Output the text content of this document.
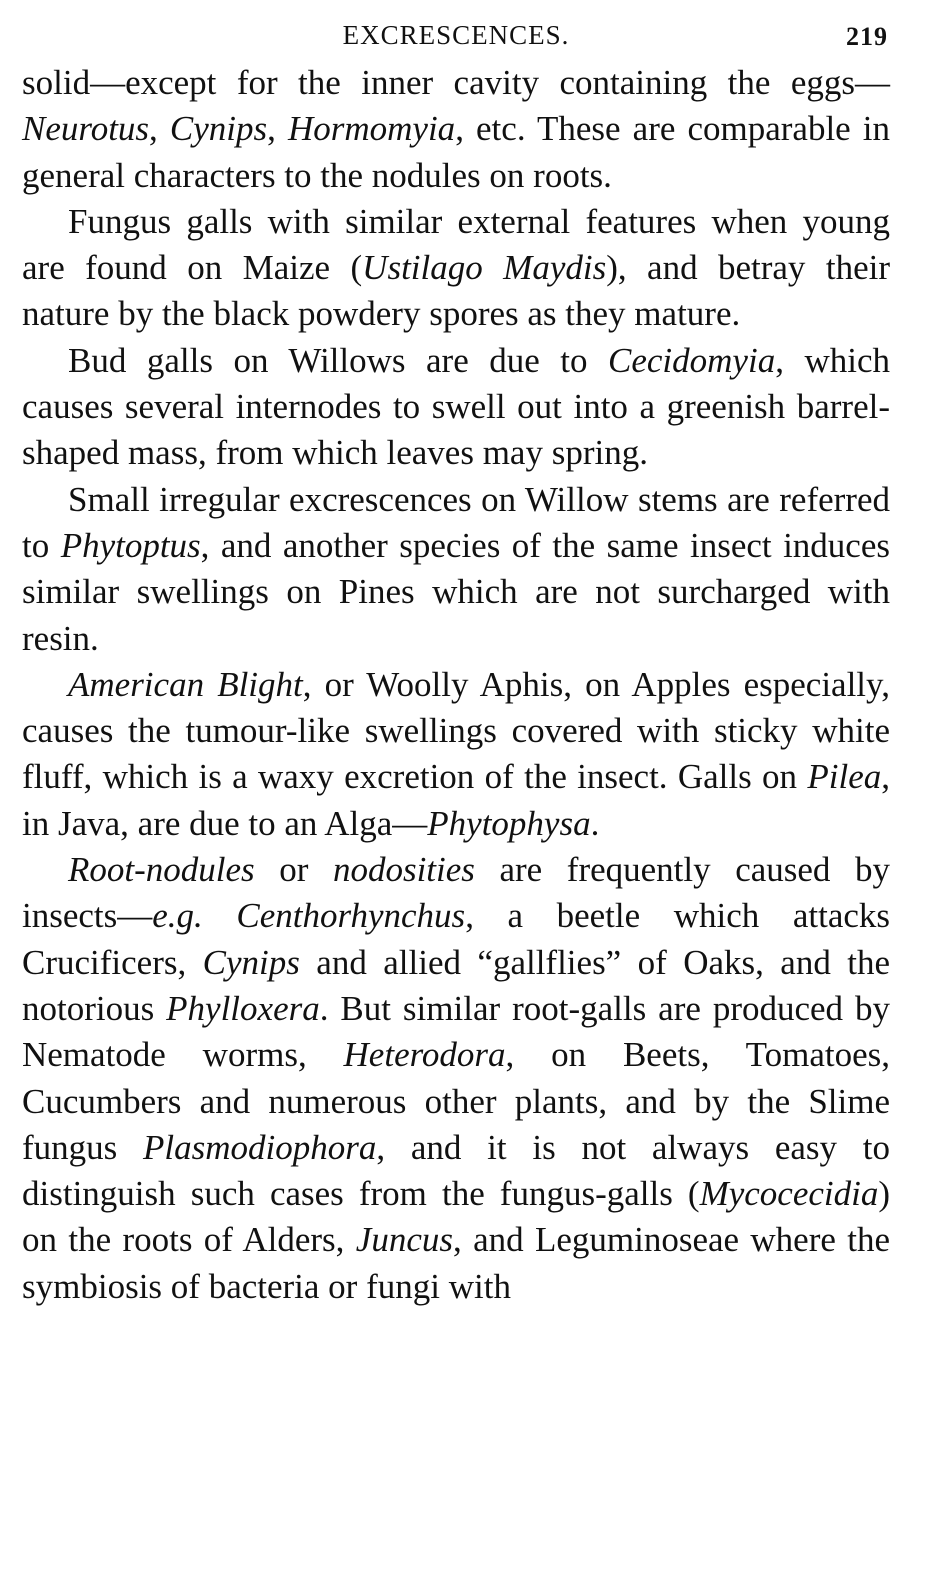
EXCRESCENCES.	219

solid—except for the inner cavity containing the eggs—Neurotus, Cynips, Hormomyia, etc. These are comparable in general characters to the nodules on roots.

Fungus galls with similar external features when young are found on Maize (Ustilago Maydis), and betray their nature by the black powdery spores as they mature.

Bud galls on Willows are due to Cecidomyia, which causes several internodes to swell out into a greenish barrel-shaped mass, from which leaves may spring.

Small irregular excrescences on Willow stems are referred to Phytoptus, and another species of the same insect induces similar swellings on Pines which are not surcharged with resin.

American Blight, or Woolly Aphis, on Apples especially, causes the tumour-like swellings covered with sticky white fluff, which is a waxy excretion of the insect. Galls on Pilea, in Java, are due to an Alga—Phytophysa.

Root-nodules or nodosities are frequently caused by insects—e.g. Centhorhynchus, a beetle which attacks Crucificers, Cynips and allied “gallflies” of Oaks, and the notorious Phylloxera. But similar root-galls are produced by Nematode worms, Heterodora, on Beets, Tomatoes, Cucumbers and numerous other plants, and by the Slime fungus Plasmodiophora, and it is not always easy to distinguish such cases from the fungus-galls (Mycocecidia) on the roots of Alders, Juncus, and Leguminoseae where the symbiosis of bacteria or fungi with
